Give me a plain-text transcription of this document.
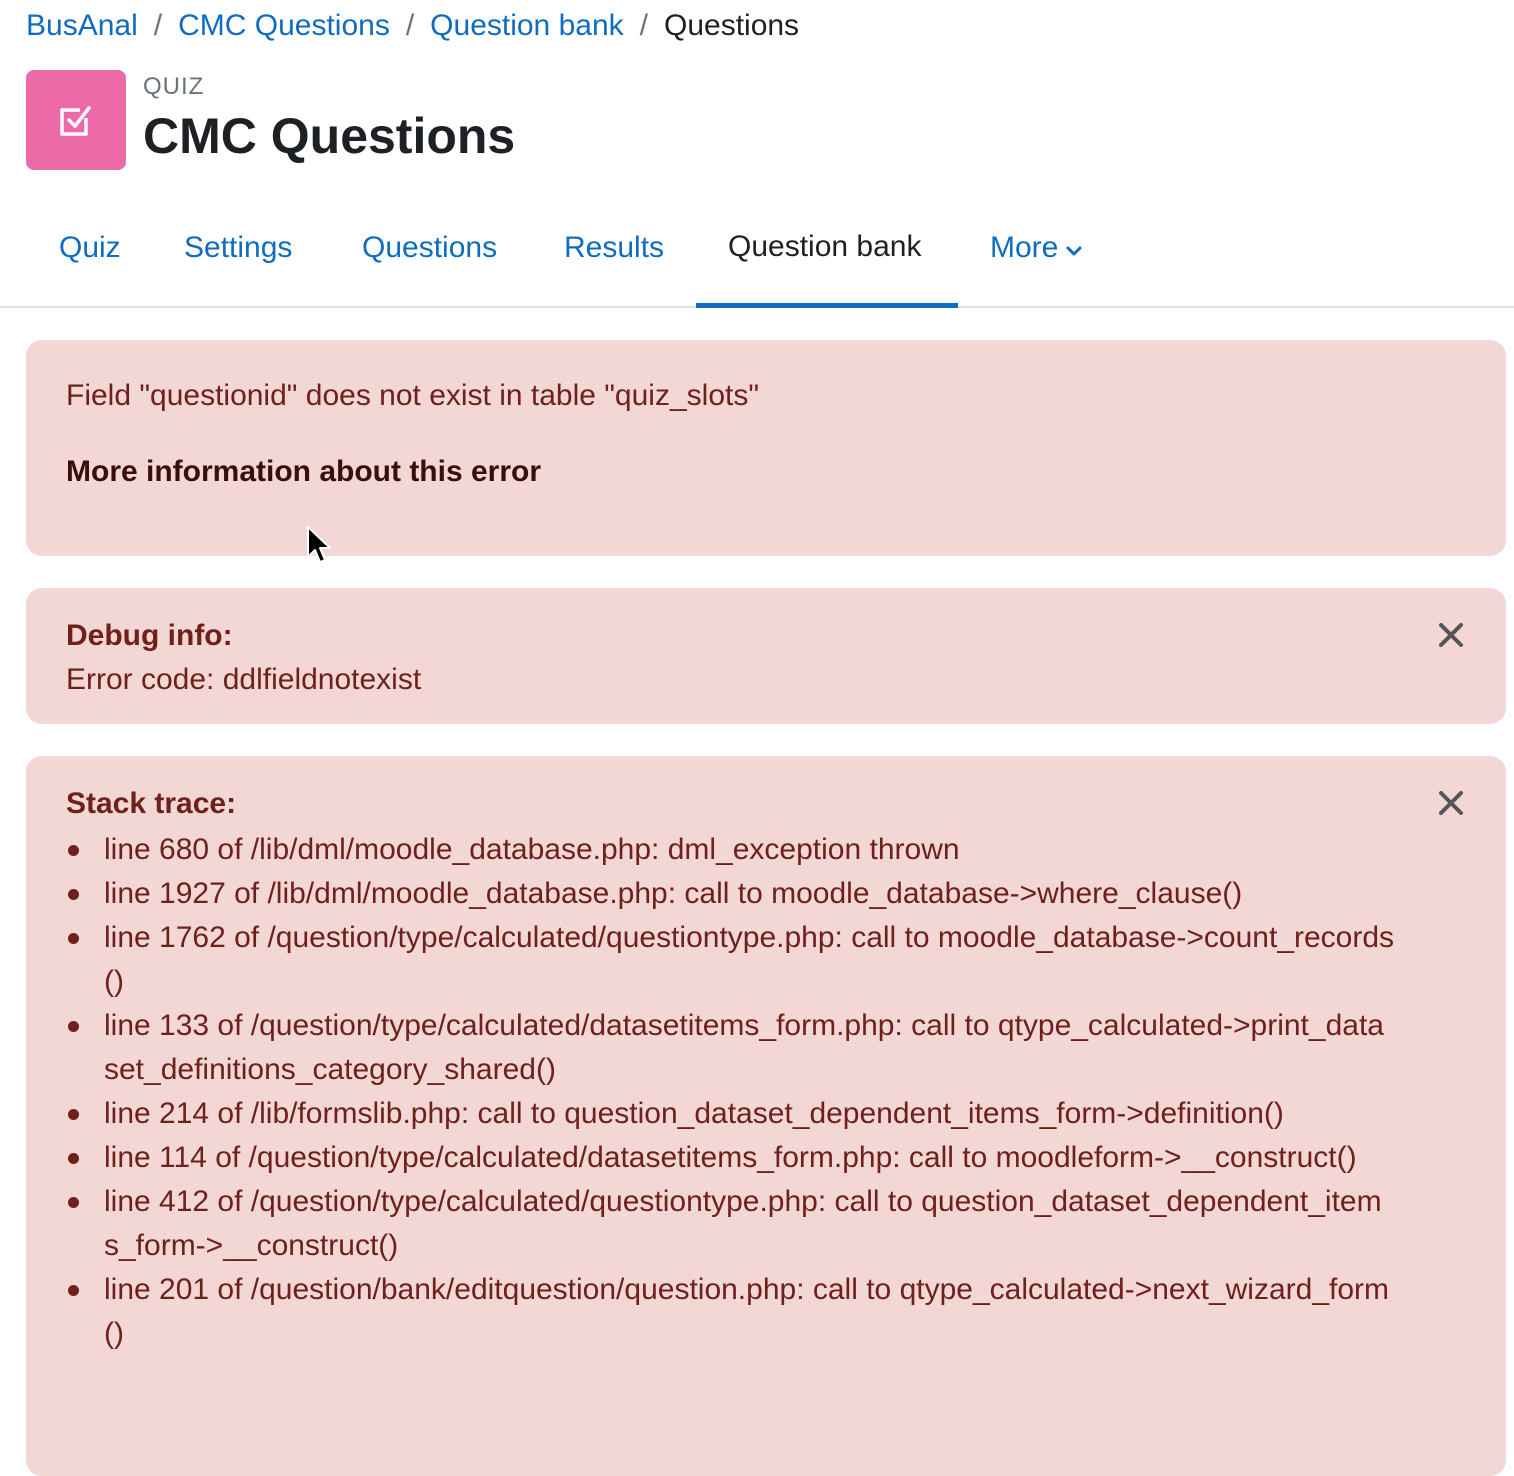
BusAnal / CMC Questions / Question bank / Questions
QUIZ
CMC Questions
Quiz Settings Questions Results Question bank More
Field "questionid" does not exist in table "quiz_slots"
More information about this error
Debug info:
Error code: ddlfieldnotexist
Stack trace:
line 680 of /lib/dml/moodle_database.php: dml_exception thrown
line 1927 of /lib/dml/moodle_database.php: call to moodle_database->where_clause()
line 1762 of /question/type/calculated/questiontype.php: call to moodle_database->count_records()
line 133 of /question/type/calculated/datasetitems_form.php: call to qtype_calculated->print_dataset_definitions_category_shared()
line 214 of /lib/formslib.php: call to question_dataset_dependent_items_form->definition()
line 114 of /question/type/calculated/datasetitems_form.php: call to moodleform->__construct()
line 412 of /question/type/calculated/questiontype.php: call to question_dataset_dependent_items_form->__construct()
line 201 of /question/bank/editquestion/question.php: call to qtype_calculated->next_wizard_form()
